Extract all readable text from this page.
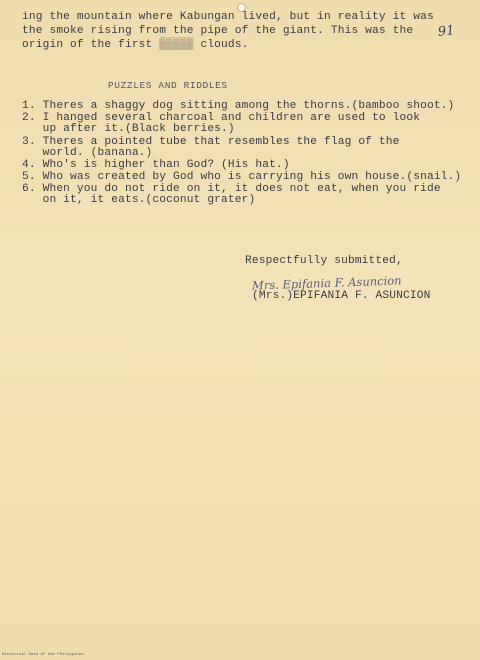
91
ing the mountain where Kabungan lived, but in reality it was
the smoke rising from the pipe of the giant. This was the
origin of the first ▒▒▒▒▒ clouds.
PUZZLES AND RIDDLES
1. Theres a shaggy dog sitting among the thorns.(bamboo shoot.)
2. I hanged several charcoal and children are used to look
up after it.(Black berries.)
3. Theres a pointed tube that resembles the flag of the
world. (banana.)
4. Who's is higher than God? (His hat.)
5. Who was created by God who is carrying his own house.(snail.)
6. When you do not ride on it, it does not eat, when you ride
on it, it eats.(coconut grater)
Respectfully submitted,
Mrs. Epifania F. Asuncion
(Mrs.)EPIFANIA F. ASUNCION
Historical Data of the Philippines
